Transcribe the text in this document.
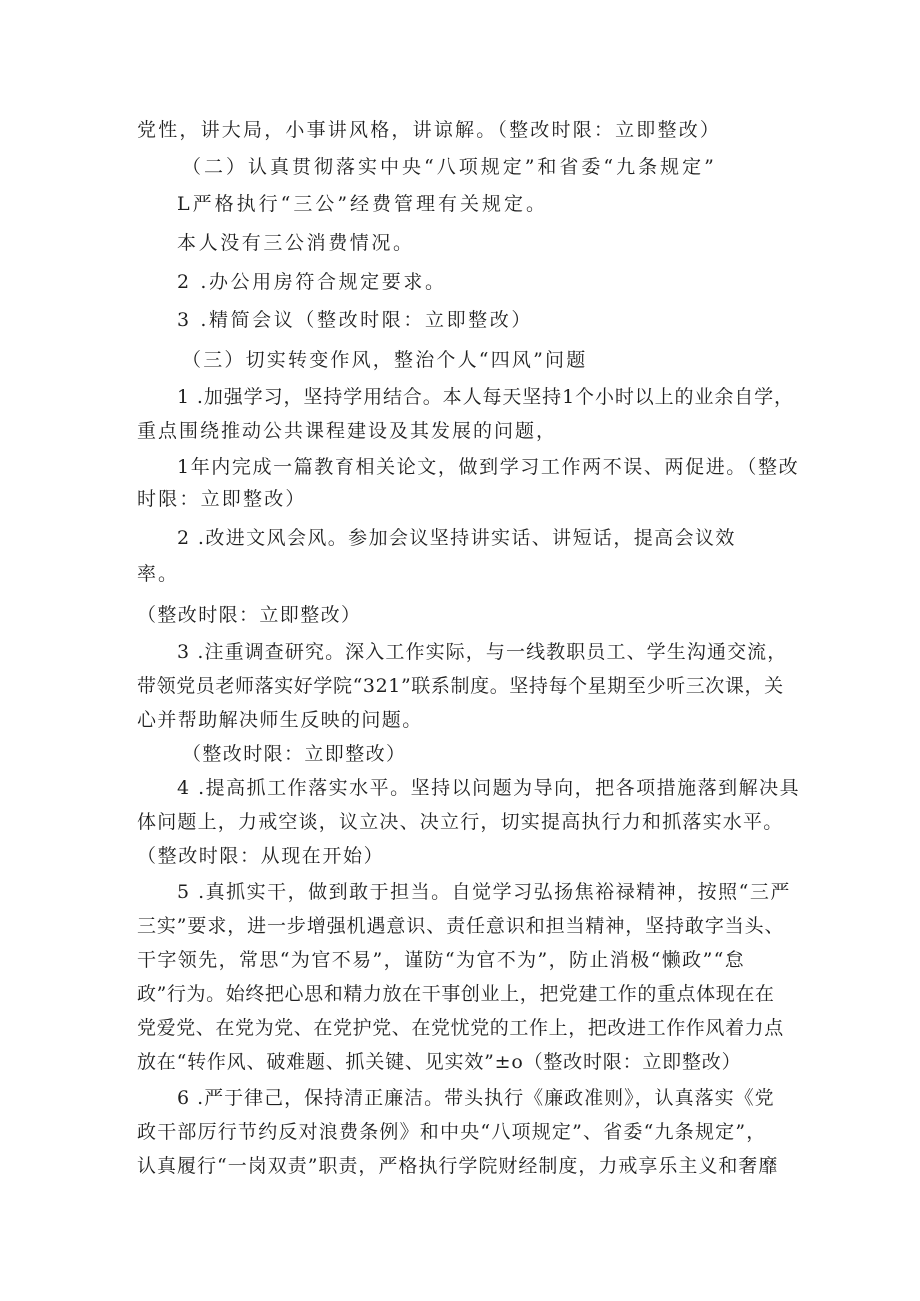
党性，讲大局，小事讲风格，讲谅解。（整改时限：立即整改）
（二）认真贯彻落实中央“八项规定”和省委“九条规定”
L严格执行“三公”经费管理有关规定。
本人没有三公消费情况。
2 .办公用房符合规定要求。
3 .精简会议（整改时限：立即整改）
（三）切实转变作风，整治个人“四风”问题
1 .加强学习，坚持学用结合。本人每天坚持1个小时以上的业余自学，
重点围绕推动公共课程建设及其发展的问题，
1年内完成一篇教育相关论文，做到学习工作两不误、两促进。（整改
时限：立即整改）
2 .改进文风会风。参加会议坚持讲实话、讲短话，提高会议效
率。
（整改时限：立即整改）
3 .注重调查研究。深入工作实际，与一线教职员工、学生沟通交流，
带领党员老师落实好学院“321”联系制度。坚持每个星期至少听三次课，关
心并帮助解决师生反映的问题。
（整改时限：立即整改）
4 .提高抓工作落实水平。坚持以问题为导向，把各项措施落到解决具
体问题上，力戒空谈，议立决、决立行，切实提高执行力和抓落实水平。
（整改时限：从现在开始）
5 .真抓实干，做到敢于担当。自觉学习弘扬焦裕禄精神，按照“三严
三实”要求，进一步增强机遇意识、责任意识和担当精神，坚持敢字当头、
干字领先，常思“为官不易”，谨防“为官不为”，防止消极“懒政”“怠
政”行为。始终把心思和精力放在干事创业上，把党建工作的重点体现在在
党爱党、在党为党、在党护党、在党忧党的工作上，把改进工作作风着力点
放在“转作风、破难题、抓关键、见实效”±o（整改时限：立即整改）
6 .严于律己，保持清正廉洁。带头执行《廉政准则》，认真落实《党
政干部厉行节约反对浪费条例》和中央“八项规定”、省委“九条规定”，
认真履行“一岗双责”职责，严格执行学院财经制度，力戒享乐主义和奢靡
